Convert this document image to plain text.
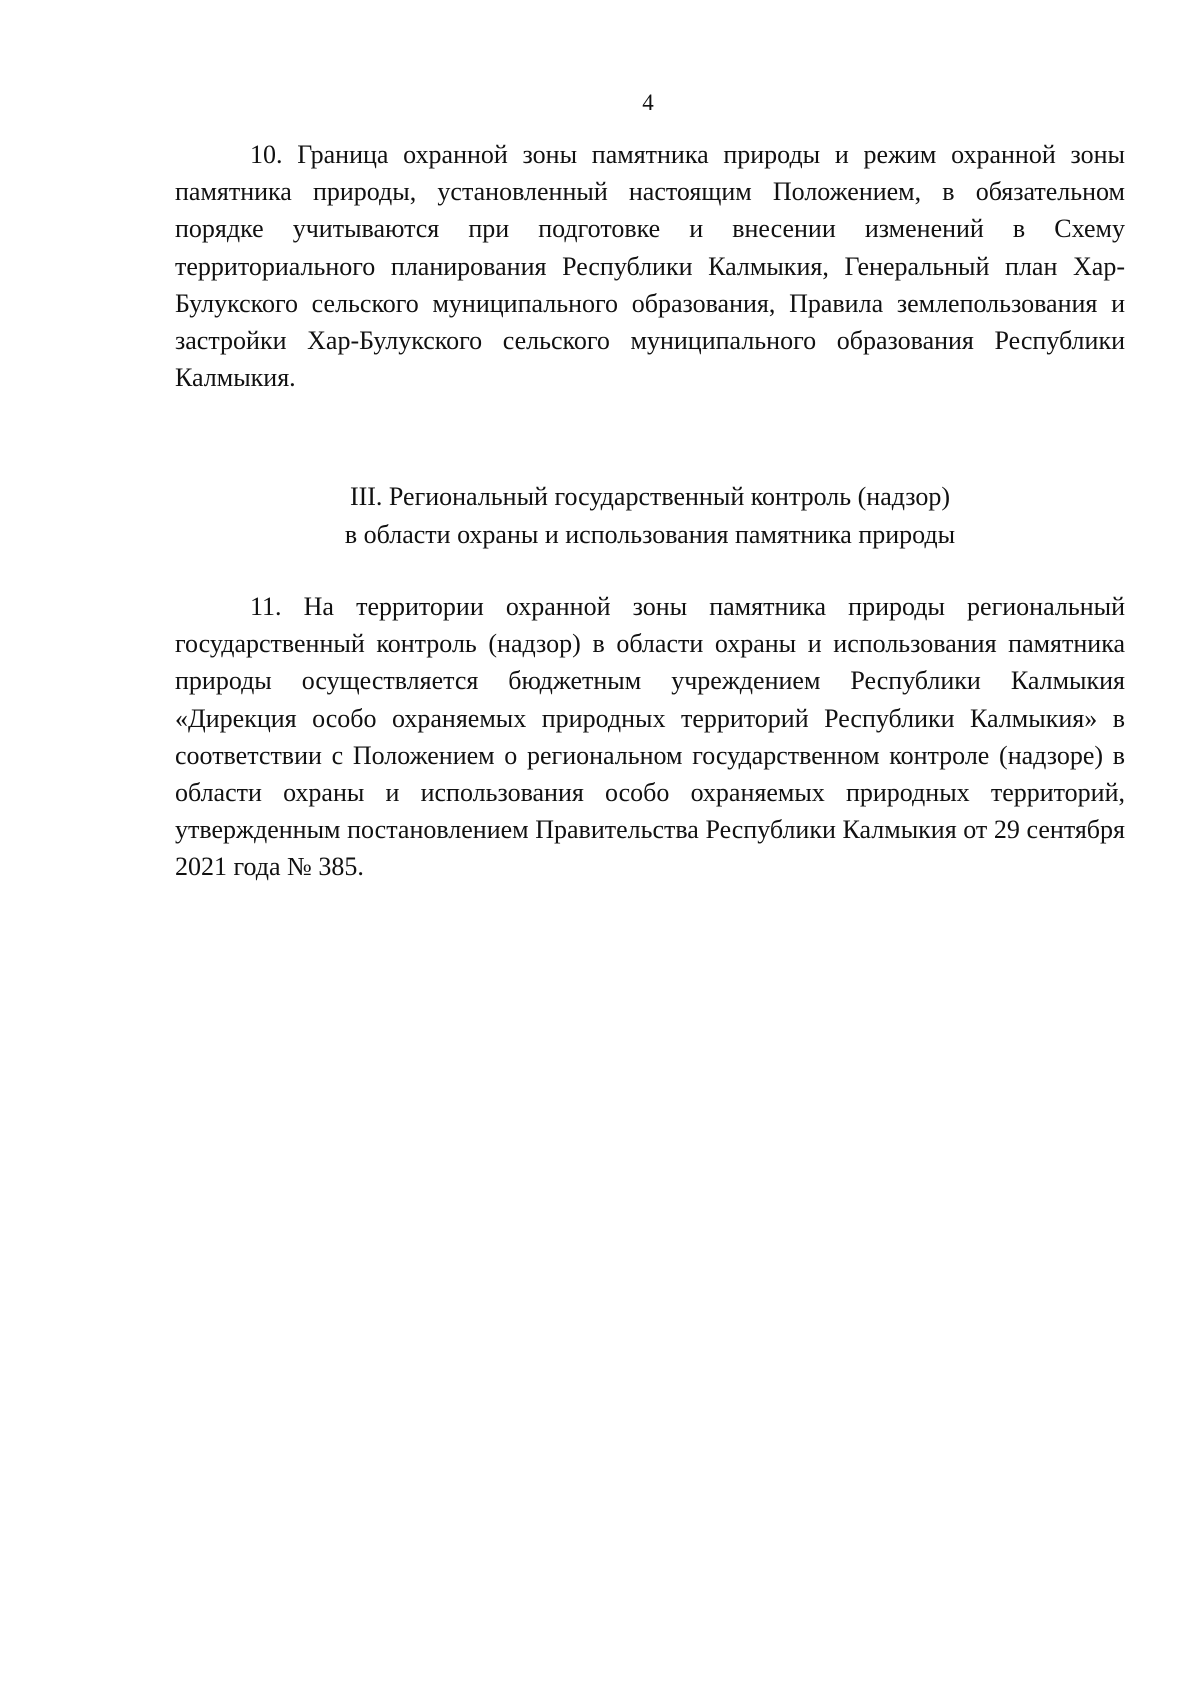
4

10. Граница охранной зоны памятника природы и режим охранной зоны памятника природы, установленный настоящим Положением, в обязательном порядке учитываются при подготовке и внесении изменений в Схему территориального планирования Республики Калмыкия, Генеральный план Хар-Булукского сельского муниципального образования, Правила землепользования и застройки Хар-Булукского сельского муниципального образования Республики Калмыкия.

III. Региональный государственный контроль (надзор)
в области охраны и использования памятника природы

11. На территории охранной зоны памятника природы региональный государственный контроль (надзор) в области охраны и использования памятника природы осуществляется бюджетным учреждением Республики Калмыкия «Дирекция особо охраняемых природных территорий Республики Калмыкия» в соответствии с Положением о региональном государственном контроле (надзоре) в области охраны и использования особо охраняемых природных территорий, утвержденным постановлением Правительства Республики Калмыкия от 29 сентября 2021 года № 385.
